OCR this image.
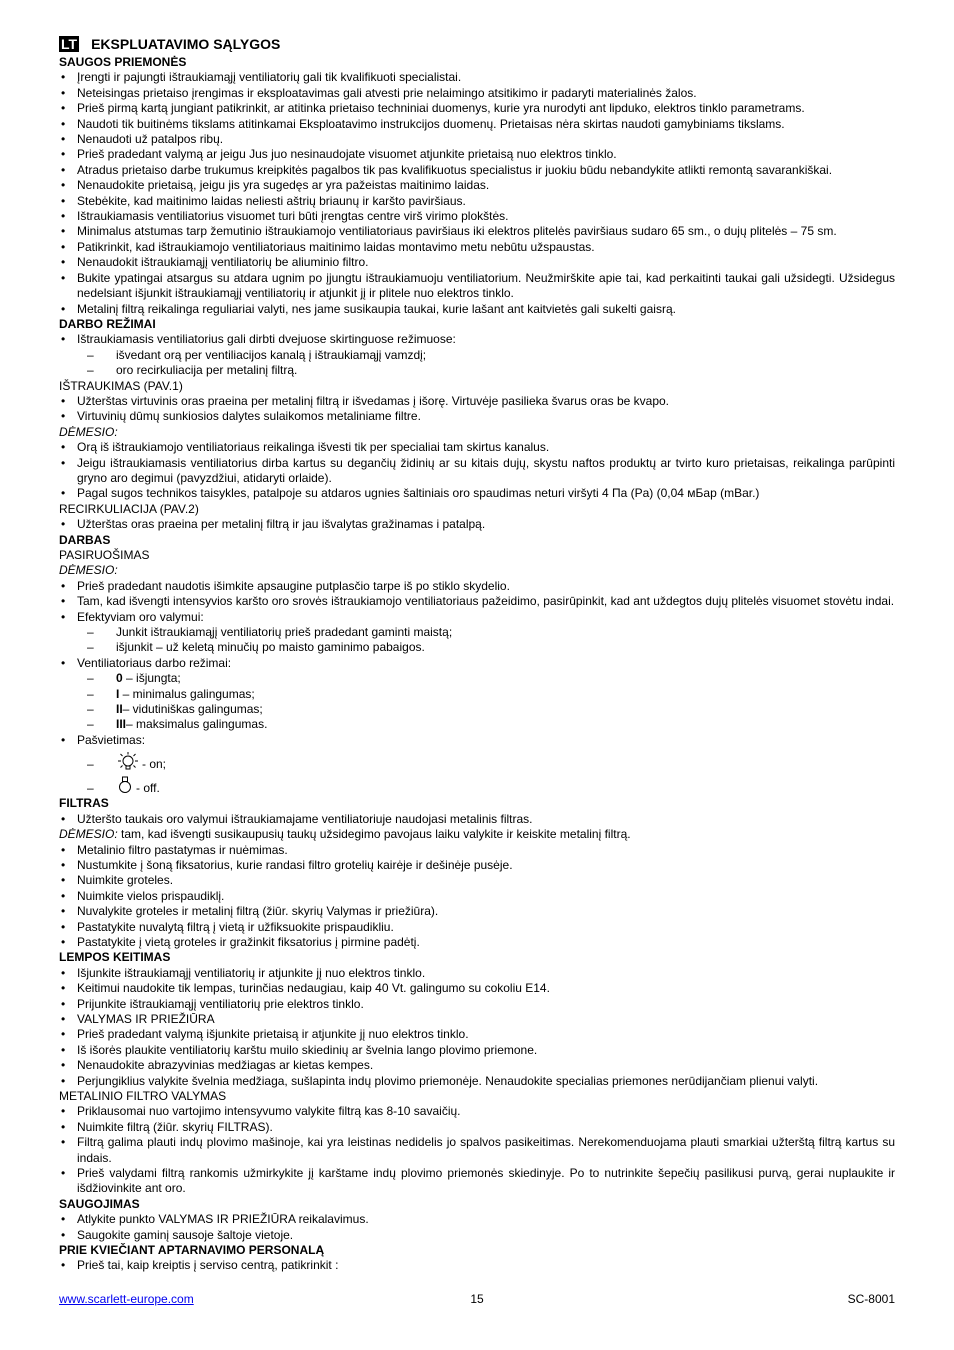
LT EKSPLUATAVIMO SĄLYGOS
SAUGOS PRIEMONĖS
• Įrengti ir pajungti ištraukiamąjį ventiliatorių gali tik kvalifikuoti specialistai.
• Neteisingas prietaiso įrengimas ir eksploatavimas gali atvesti prie nelaimingo atsitikimo ir padaryti materialinės žalos.
• Prieš pirmą kartą jungiant patikrinkit, ar atitinka prietaiso techniniai duomenys, kurie yra nurodyti ant lipduko, elektros tinklo parametrams.
• Naudoti tik buitinėms tikslams atitinkamai Eksploatavimo instrukcijos duomenų. Prietaisas nėra skirtas naudoti gamybiniams tikslams.
• Nenaudoti už patalpos ribų.
• Prieš pradedant valymą ar jeigu Jus juo nesinaudojate visuomet atjunkite prietaisą nuo elektros tinklo.
• Atradus prietaiso darbe trukumus kreipkitės pagalbos tik pas kvalifikuotus specialistus ir juokiu būdu nebandykite atlikti remontą savarankiškai.
• Nenaudokite prietaisą, jeigu jis yra sugedęs ar yra pažeistas maitinimo laidas.
• Stebėkite, kad maitinimo laidas neliesti aštrių briaunų ir karšto paviršiaus.
• Ištraukiamasis ventiliatorius visuomet turi būti įrengtas centre virš virimo plokštės.
• Minimalus atstumas tarp žemutinio ištraukiamojo ventiliatoriaus paviršiaus iki elektros plitelės paviršiaus sudaro 65 sm., o dujų plitelės – 75 sm.
• Patikrinkit, kad ištraukiamojo ventiliatoriaus maitinimo laidas montavimo metu nebūtu užspaustas.
• Nenaudokit ištraukiamąjį ventiliatorių be aliuminio filtro.
• Bukite ypatingai atsargus su atdara ugnim po įjungtu ištraukiamuoju ventiliatorium. Neužmirškite apie tai, kad perkaitinti taukai gali užsidegti. Užsidegus nedelsiant išjunkit ištraukiamąjį ventiliatorių ir atjunkit jį ir plitele nuo elektros tinklo.
• Metalinį filtrą reikalinga reguliariai valyti, nes jame susikaupia taukai, kurie lašant ant kaitvietės gali sukelti gaisrą.
DARBO REŽIMAI
• Ištraukiamasis ventiliatorius gali dirbti dvejuose skirtinguose režimuose:
– išvedant orą per ventiliacijos kanalą į ištraukiamąjį vamzdį;
– oro recirkuliacija per metalinį filtrą.
IŠTRAUKIMAS (PAV.1)
• Užterštas virtuvinis oras praeina per metalinį filtrą ir išvedamas į išorę. Virtuvėje pasilieka švarus oras be kvapo.
• Virtuvinių dūmų sunkiosios dalytes sulaikomos metaliniame filtre.
DĖMESIO:
• Orą iš ištraukiamojo ventiliatoriaus reikalinga išvesti tik per specialiai tam skirtus kanalus.
• Jeigu ištraukiamasis ventiliatorius dirba kartus su degančių židinių ar su kitais dujų, skystu naftos produktų ar tvirto kuro prietaisas, reikalinga parūpinti gryno aro degimui (pavyzdžiui, atidaryti orlaide).
• Pagal sugos technikos taisykles, patalpoje su atdaros ugnies šaltiniais oro spaudimas neturi viršyti 4 Па (Pa) (0,04 мБар (mBar.)
RECIRKULIACIJA (PAV.2)
• Užterštas oras praeina per metalinį filtrą ir jau išvalytas gražinamas i patalpą.
DARBAS
PASIRUOŠIMAS
DĖMESIO:
• Prieš pradedant naudotis išimkite apsaugine putplasčio tarpe iš po stiklo skydelio.
• Tam, kad išvengti intensyvios karšto oro srovės ištraukiamojo ventiliatoriaus pažeidimo, pasirūpinkit, kad ant uždegtos dujų plitelės visuomet stovėtu indai.
• Efektyviam oro valymui:
– Junkit ištraukiamąjį ventiliatorių prieš pradedant gaminti maistą;
– išjunkit – už keletą minučių po maisto gaminimo pabaigos.
• Ventiliatoriaus darbo režimai:
– 0 – išjungta;
– I – minimalus galingumas;
– II– vidutiniškas galingumas;
– III– maksimalus galingumas.
• Pašvietimas:
–	- on;
–	- off.
FILTRAS
• Užteršto taukais oro valymui ištraukiamajame ventiliatoriuje naudojasi metalinis filtras.
DĖMESIO: tam, kad išvengti susikaupusių taukų užsidegimo pavojaus laiku valykite ir keiskite metalinį filtrą.
• Metalinio filtro pastatymas ir nuėmimas.
• Nustumkite į šoną fiksatorius, kurie randasi filtro grotelių kairėje ir dešinėje pusėje.
• Nuimkite groteles.
• Nuimkite vielos prispaudiklį.
• Nuvalykite groteles ir metalinį filtrą (žiūr. skyrių Valymas ir priežiūra).
• Pastatykite nuvalytą filtrą į vietą ir užfiksuokite prispaudikliu.
• Pastatykite į vietą groteles ir gražinkit fiksatorius į pirmine padėtį.
LEMPOS KEITIMAS
• Išjunkite ištraukiamąjį ventiliatorių ir atjunkite jį nuo elektros tinklo.
• Keitimui naudokite tik lempas, turinčias nedaugiau, kaip 40 Vt. galingumo su cokoliu E14.
• Prijunkite ištraukiamąjį ventiliatorių prie elektros tinklo.
• VALYMAS IR PRIEŽIŪRA
• Prieš pradedant valymą išjunkite prietaisą ir atjunkite jį nuo elektros tinklo.
• Iš išorės plaukite ventiliatorių karštu muilo skiedinių ar švelnia lango plovimo priemone.
• Nenaudokite abrazyvinias medžiagas ar kietas kempes.
• Perjungiklius valykite švelnia medžiaga, sušlapinta indų plovimo priemonėje. Nenaudokite specialias priemones nerūdijančiam plienui valyti.
METALINIO FILTRO VALYMAS
• Priklausomai nuo vartojimo intensyvumo valykite filtrą kas 8-10 savaičių.
• Nuimkite filtrą (žiūr. skyrių FILTRAS).
• Filtrą galima plauti indų plovimo mašinoje, kai yra leistinas nedidelis jo spalvos pasikeitimas. Nerekomenduojama plauti smarkiai užterštą filtrą kartus su indais.
• Prieš valydami filtrą rankomis užmirkykite jį karštame indų plovimo priemonės skiedinyje. Po to nutrinkite šepečių pasilikusi purvą, gerai nuplaukite ir išdžiovinkite ant oro.
SAUGOJIMAS
• Atlykite punkto VALYMAS IR PRIEŽIŪRA reikalavimus.
• Saugokite gaminį sausoje šaltoje vietoje.
PRIE KVIEČIANT APTARNAVIMO PERSONALĄ
• Prieš tai, kaip kreiptis į serviso centrą, patikrinkit :
www.scarlett-europe.com	15	SC-8001
